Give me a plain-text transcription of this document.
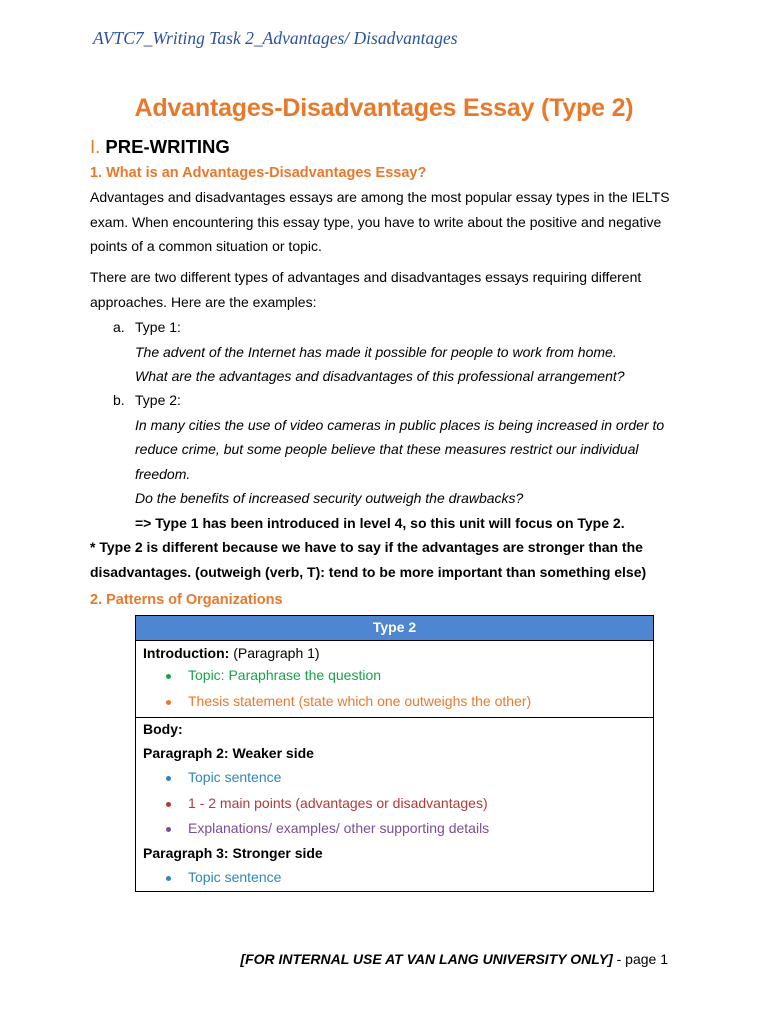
AVTC7_Writing Task 2_Advantages/ Disadvantages
Advantages-Disadvantages Essay (Type 2)
I. PRE-WRITING
1. What is an Advantages-Disadvantages Essay?
Advantages and disadvantages essays are among the most popular essay types in the IELTS
exam. When encountering this essay type, you have to write about the positive and negative
points of a common situation or topic.
There are two different types of advantages and disadvantages essays requiring different
approaches. Here are the examples:
a. Type 1:
The advent of the Internet has made it possible for people to work from home.
What are the advantages and disadvantages of this professional arrangement?
b. Type 2:
In many cities the use of video cameras in public places is being increased in order to
reduce crime, but some people believe that these measures restrict our individual
freedom.
Do the benefits of increased security outweigh the drawbacks?
=> Type 1 has been introduced in level 4, so this unit will focus on Type 2.
* Type 2 is different because we have to say if the advantages are stronger than the
disadvantages. (outweigh (verb, T): tend to be more important than something else)
2. Patterns of Organizations
Type 2
Introduction: (Paragraph 1)
Topic: Paraphrase the question
Thesis statement (state which one outweighs the other)
Body:
Paragraph 2: Weaker side
Topic sentence
1 - 2 main points (advantages or disadvantages)
Explanations/ examples/ other supporting details
Paragraph 3: Stronger side
Topic sentence
[FOR INTERNAL USE AT VAN LANG UNIVERSITY ONLY] - page 1
